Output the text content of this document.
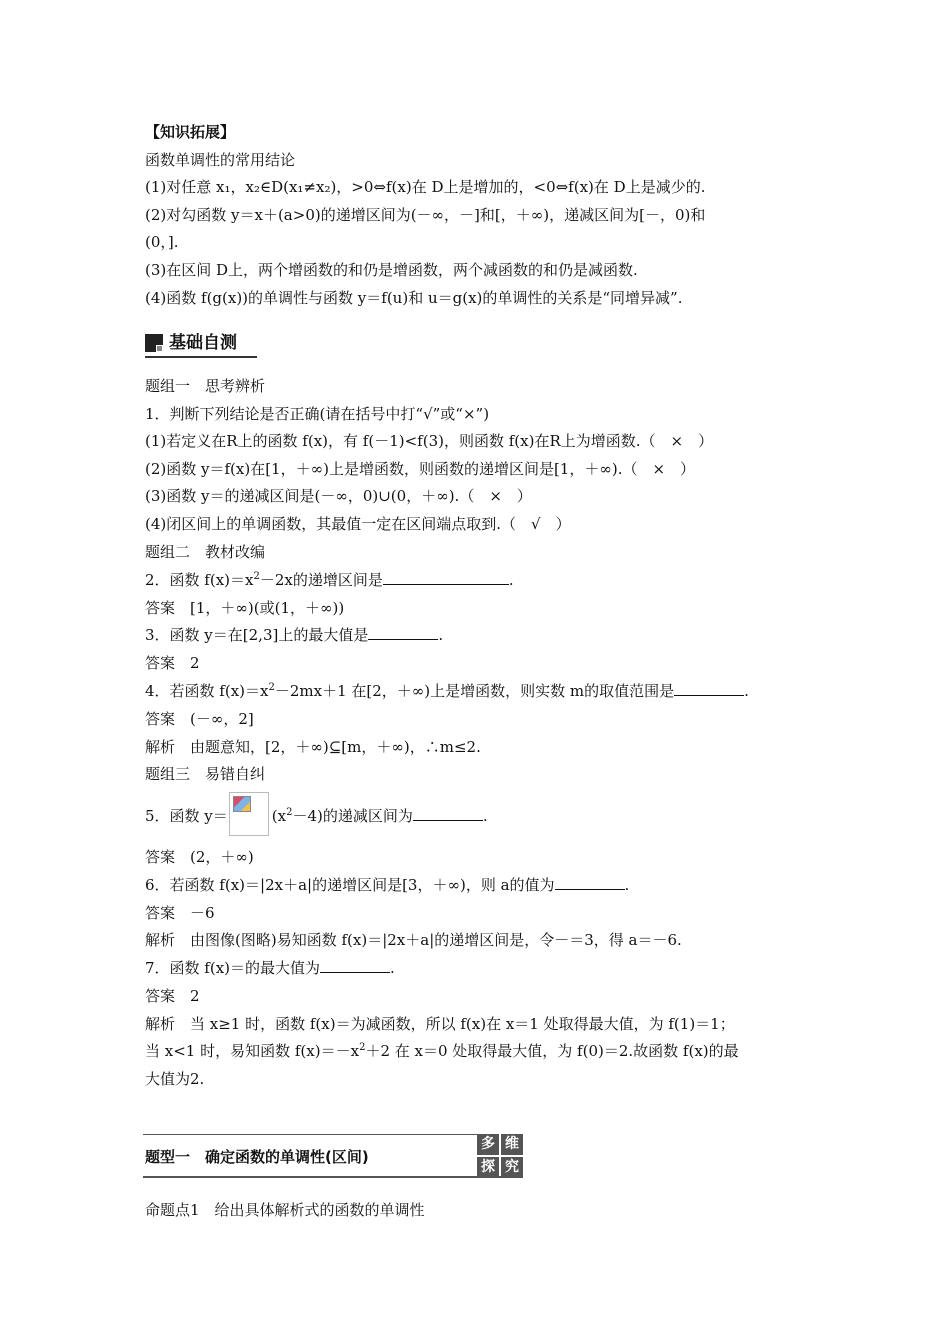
【知识拓展】
函数单调性的常用结论
(1)对任意 x₁，x₂∈D(x₁≠x₂)，>0⇔f(x)在 D上是增加的，<0⇔f(x)在 D上是减少的.
(2)对勾函数 y＝x＋(a>0)的递增区间为(－∞，－]和[，＋∞)，递减区间为[－，0)和
(0，].
(3)在区间 D上，两个增函数的和仍是增函数，两个减函数的和仍是减函数.
(4)函数 f(g(x))的单调性与函数 y＝f(u)和 u＝g(x)的单调性的关系是“同增异减”.
基础自测
题组一　思考辨析
1．判断下列结论是否正确(请在括号中打“√”或“×”)
(1)若定义在R上的函数 f(x)，有 f(－1)<f(3)，则函数 f(x)在R上为增函数.（　×　）
(2)函数 y＝f(x)在[1，＋∞)上是增函数，则函数的递增区间是[1，＋∞).（　×　）
(3)函数 y＝的递减区间是(－∞，0)∪(0，＋∞).（　×　）
(4)闭区间上的单调函数，其最值一定在区间端点取到.（　√　）
题组二　教材改编
2．函数 $f(x)=x^2-2x$的递增区间是	.
答案　[1，＋∞)(或(1，＋∞))
3．函数 y＝在[2,3]上的最大值是	.
答案　2
4．若函数 $f(x)=x^2-2mx+1$ 在[2，＋∞)上是增函数，则实数 m的取值范围是	.
答案　(－∞，2]
解析　由题意知，[2，＋∞)⊆[m，＋∞)，∴m≤2.
题组三　易错自纠
5．函数 y＝	$(x^2-4)$的递减区间为	.
答案　(2，＋∞)
6．若函数 f(x)＝|2x＋a|的递增区间是[3，＋∞)，则 a的值为	.
答案　－6
解析　由图像(图略)易知函数 f(x)＝|2x＋a|的递增区间是，令－＝3，得 a＝－6.
7．函数 f(x)＝的最大值为	.
答案　2
解析　当 x≥1 时，函数 f(x)＝为减函数，所以 f(x)在 x＝1 处取得最大值，为 f(1)＝1；
当 x<1 时，易知函数 $f(x)=-x^2+2$ 在 x＝0 处取得最大值，为 f(0)＝2.故函数 f(x)的最
大值为2.
题型一　确定函数的单调性(区间)
多 维
探 究
命题点1　给出具体解析式的函数的单调性
